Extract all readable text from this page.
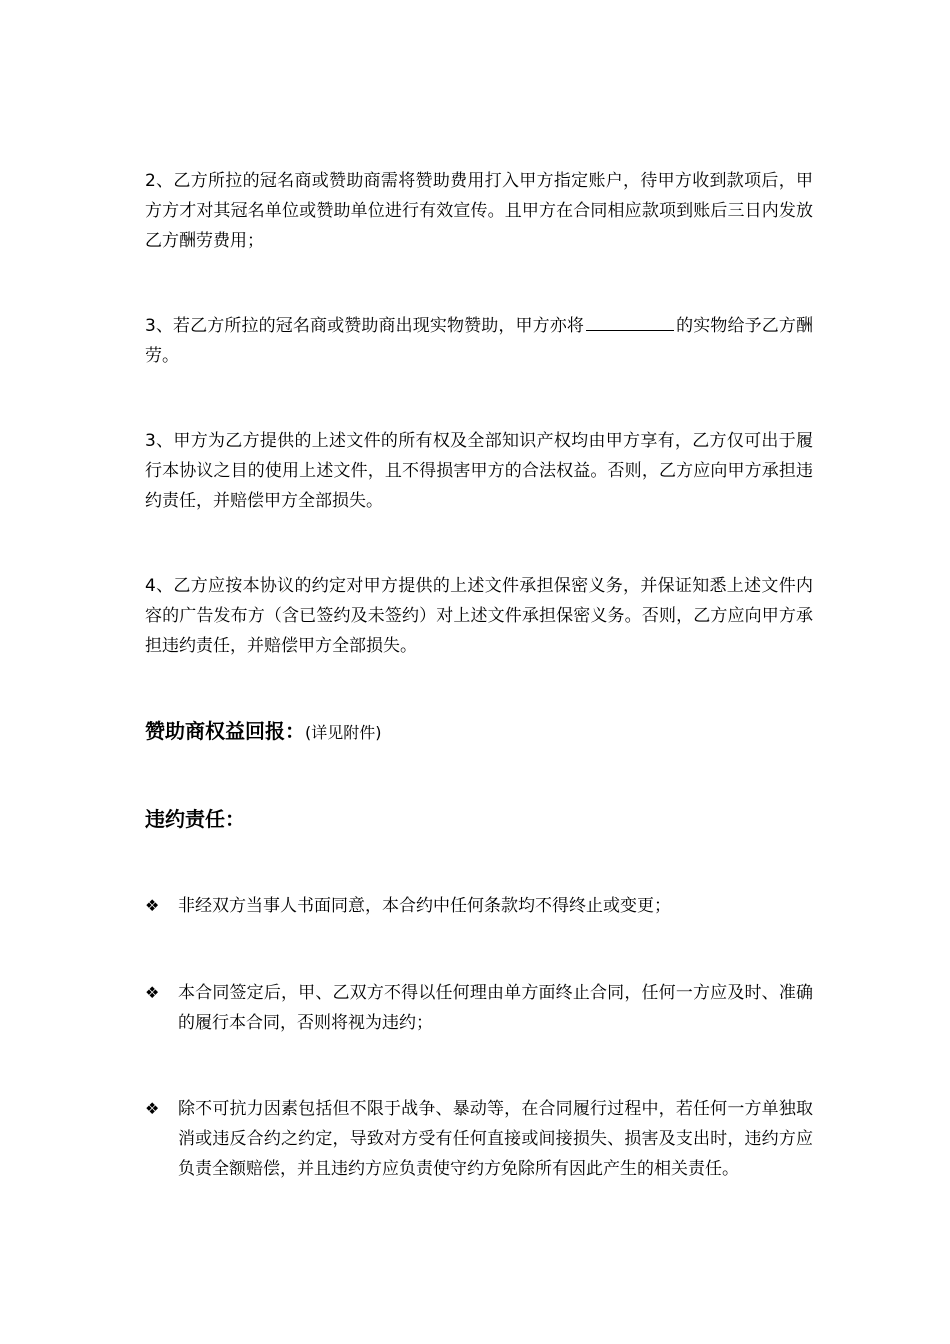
2、乙方所拉的冠名商或赞助商需将赞助费用打入甲方指定账户，待甲方收到款项后，甲方方才对其冠名单位或赞助单位进行有效宣传。且甲方在合同相应款项到账后三日内发放乙方酬劳费用；

3、若乙方所拉的冠名商或赞助商出现实物赞助，甲方亦将	的实物给予乙方酬劳。

3、甲方为乙方提供的上述文件的所有权及全部知识产权均由甲方享有，乙方仅可出于履行本协议之目的使用上述文件，且不得损害甲方的合法权益。否则，乙方应向甲方承担违约责任，并赔偿甲方全部损失。

4、乙方应按本协议的约定对甲方提供的上述文件承担保密义务，并保证知悉上述文件内容的广告发布方（含已签约及未签约）对上述文件承担保密义务。否则，乙方应向甲方承担违约责任，并赔偿甲方全部损失。

赞助商权益回报：(详见附件)

违约责任：

❖	非经双方当事人书面同意，本合约中任何条款均不得终止或变更；
❖	本合同签定后，甲、乙双方不得以任何理由单方面终止合同，任何一方应及时、准确的履行本合同，否则将视为违约；
❖	除不可抗力因素包括但不限于战争、暴动等，在合同履行过程中，若任何一方单独取消或违反合约之约定，导致对方受有任何直接或间接损失、损害及支出时，违约方应负责全额赔偿，并且违约方应负责使守约方免除所有因此产生的相关责任。
